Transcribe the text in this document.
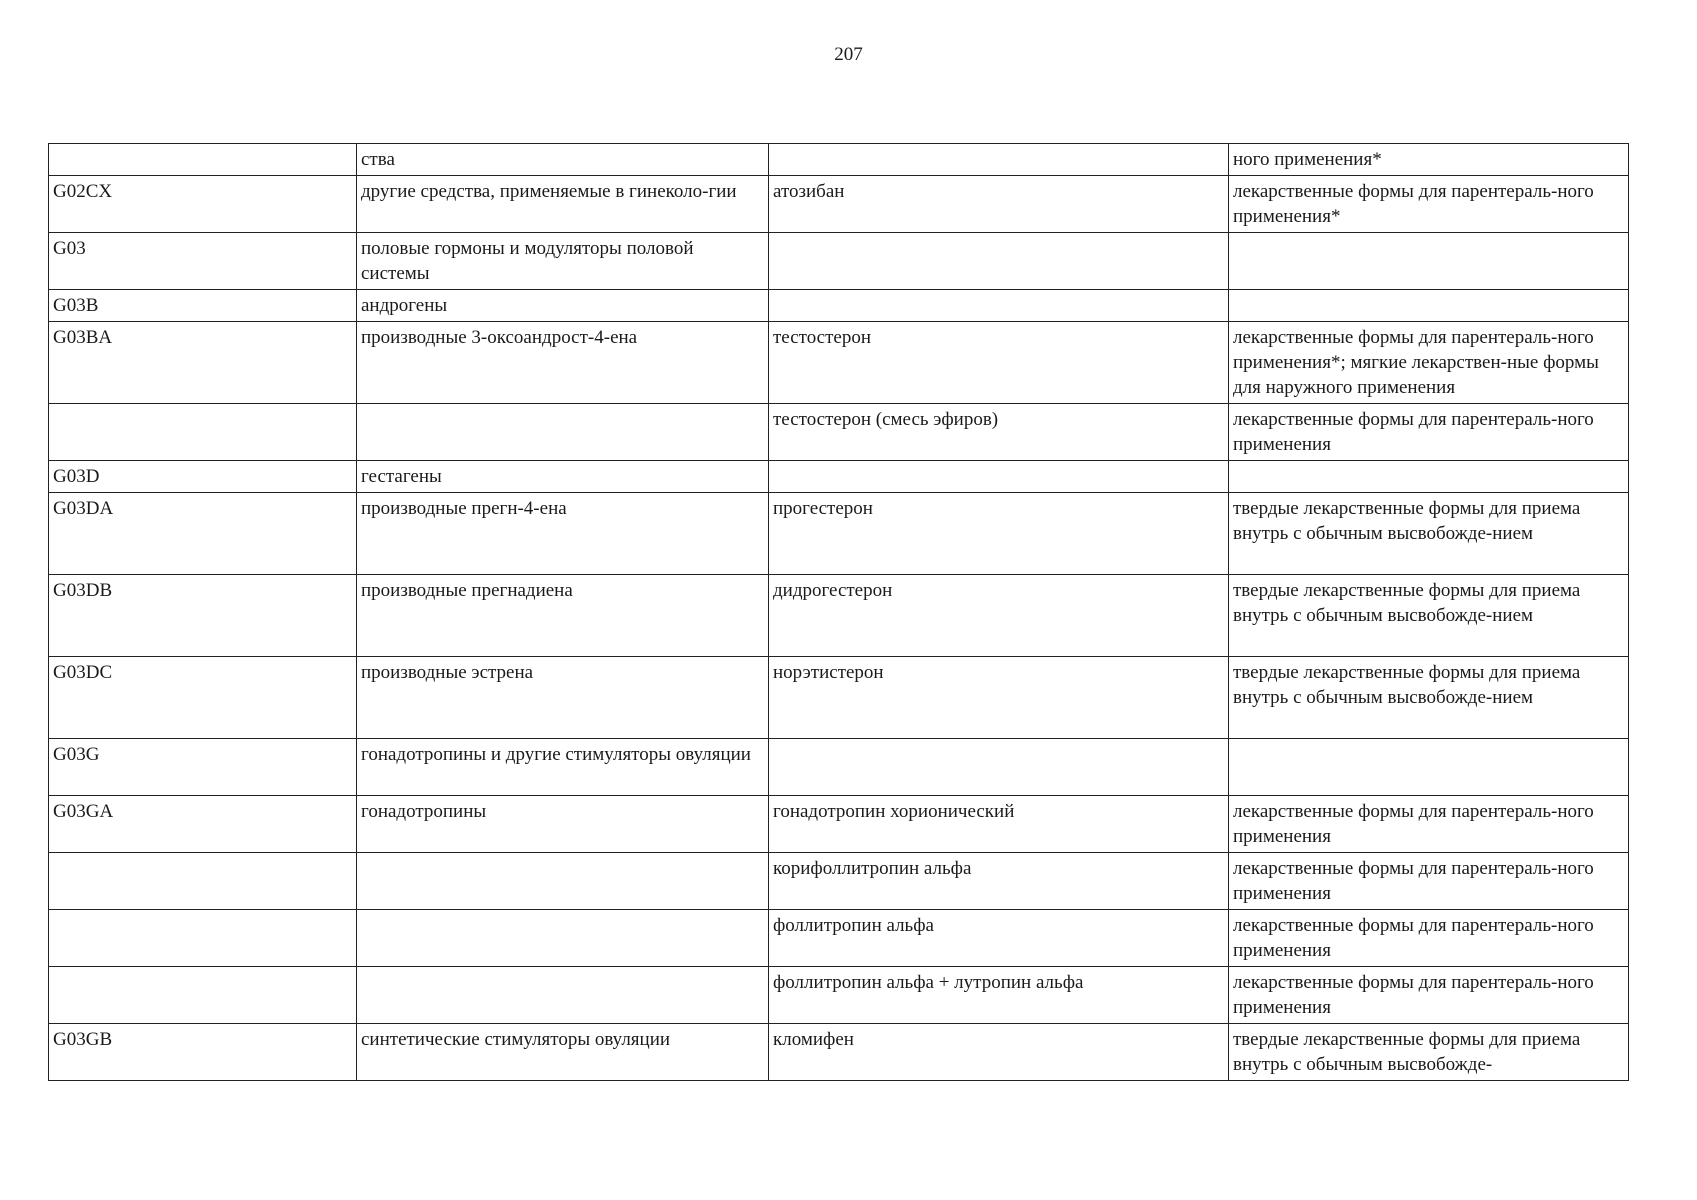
207
	ства		ного применения*
G02CX	другие средства, применяемые в гинеколо-гии	атозибан	лекарственные формы для парентераль-ного применения*
G03	половые гормоны и модуляторы половой системы		
G03B	андрогены		
G03BA	производные 3-оксоандрост-4-ена	тестостерон	лекарственные формы для парентераль-ного применения*; мягкие лекарствен-ные формы для наружного применения
		тестостерон (смесь эфиров)	лекарственные формы для парентераль-ного применения
G03D	гестагены		
G03DA	производные прегн-4-ена	прогестерон	твердые лекарственные формы для приема внутрь с обычным высвобожде-нием
G03DB	производные прегнадиена	дидрогестерон	твердые лекарственные формы для приема внутрь с обычным высвобожде-нием
G03DC	производные эстрена	норэтистерон	твердые лекарственные формы для приема внутрь с обычным высвобожде-нием
G03G	гонадотропины и другие стимуляторы овуляции		
G03GA	гонадотропины	гонадотропин хорионический	лекарственные формы для парентераль-ного применения
		корифоллитропин альфа	лекарственные формы для парентераль-ного применения
		фоллитропин альфа	лекарственные формы для парентераль-ного применения
		фоллитропин альфа + лутропин альфа	лекарственные формы для парентераль-ного применения
G03GB	синтетические стимуляторы овуляции	кломифен	твердые лекарственные формы для приема внутрь с обычным высвобожде-
